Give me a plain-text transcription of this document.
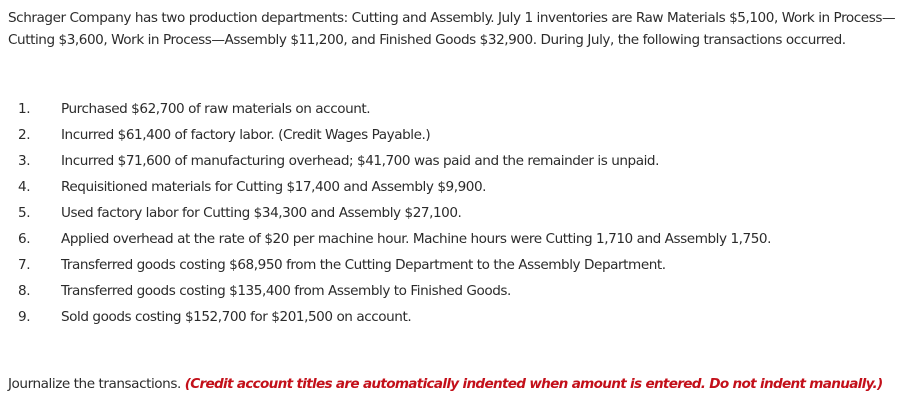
Schrager Company has two production departments: Cutting and Assembly. July 1 inventories are Raw Materials $5,100, Work in Process—Cutting $3,600, Work in Process—Assembly $11,200, and Finished Goods $32,900. During July, the following transactions occurred.
1. Purchased $62,700 of raw materials on account.
2. Incurred $61,400 of factory labor. (Credit Wages Payable.)
3. Incurred $71,600 of manufacturing overhead; $41,700 was paid and the remainder is unpaid.
4. Requisitioned materials for Cutting $17,400 and Assembly $9,900.
5. Used factory labor for Cutting $34,300 and Assembly $27,100.
6. Applied overhead at the rate of $20 per machine hour. Machine hours were Cutting 1,710 and Assembly 1,750.
7. Transferred goods costing $68,950 from the Cutting Department to the Assembly Department.
8. Transferred goods costing $135,400 from Assembly to Finished Goods.
9. Sold goods costing $152,700 for $201,500 on account.
Journalize the transactions. (Credit account titles are automatically indented when amount is entered. Do not indent manually.)
